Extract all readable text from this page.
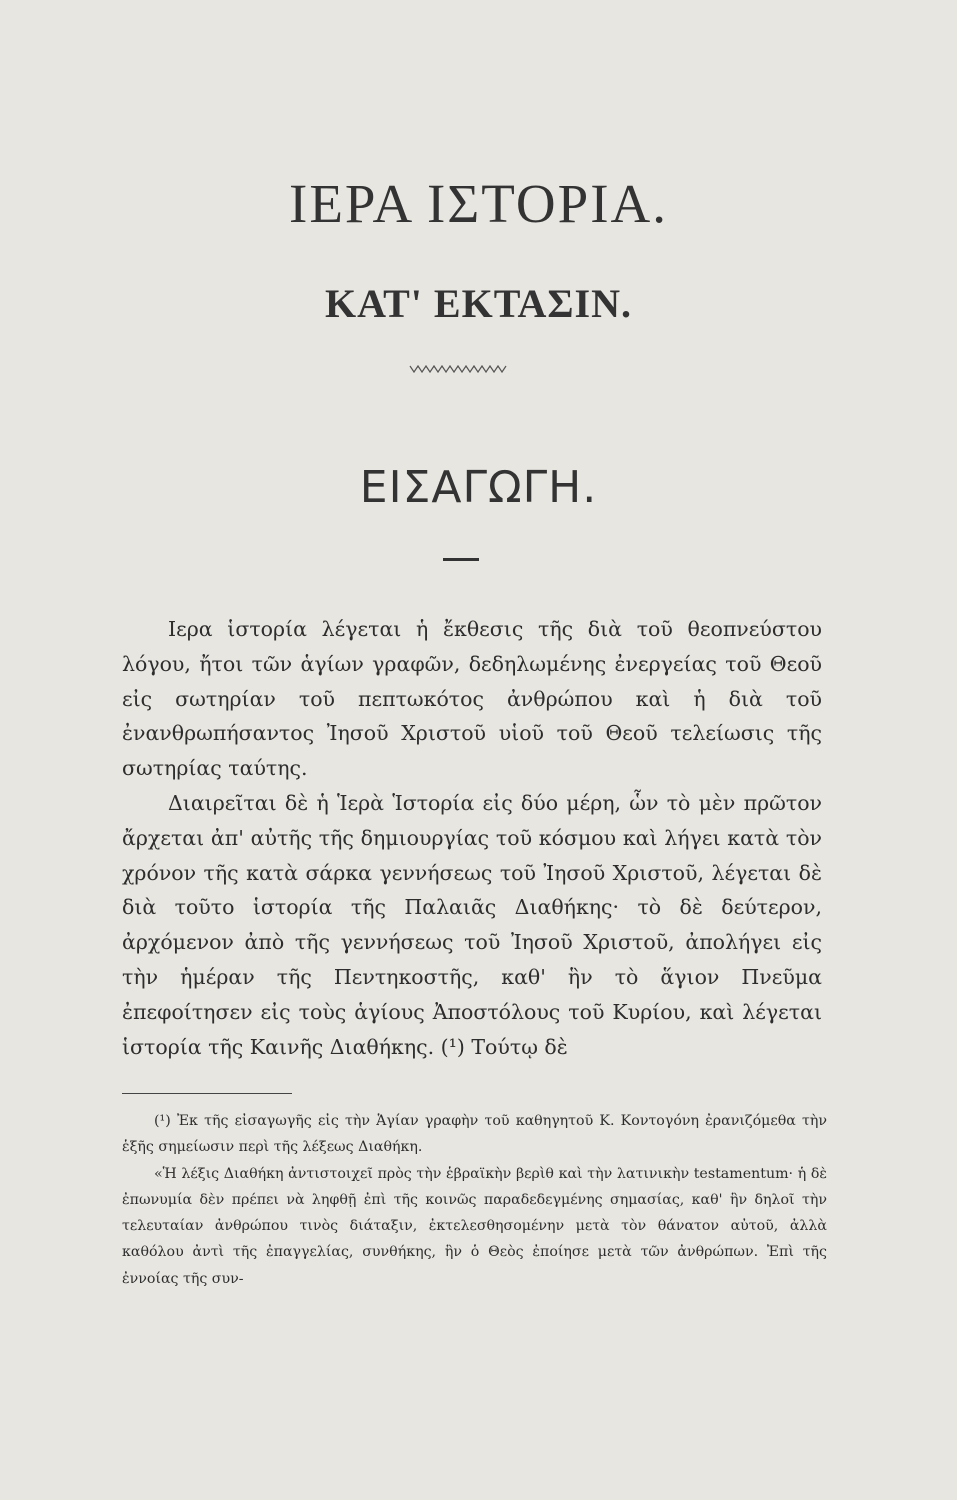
ΙΕΡΑ ΙΣΤΟΡΙΑ.
ΚΑΤ' ΕΚΤΑΣΙΝ.
ΕΙΣΑΓΩΓΗ.

Ιερα ἱστορία λέγεται ἡ ἔκθεσις τῆς διὰ τοῦ θεοπνεύστου λόγου, ἤτοι τῶν ἁγίων γραφῶν, δεδηλωμένης ἐνεργείας τοῦ Θεοῦ εἰς σωτηρίαν τοῦ πεπτωκότος ἀνθρώπου καὶ ἡ διὰ τοῦ ἐνανθρωπήσαντος Ἰησοῦ Χριστοῦ υἱοῦ τοῦ Θεοῦ τελείωσις τῆς σωτηρίας ταύτης.

Διαιρεῖται δὲ ἡ Ἱερὰ Ἱστορία εἰς δύο μέρη, ὧν τὸ μὲν πρῶτον ἄρχεται ἀπ' αὐτῆς τῆς δημιουργίας τοῦ κόσμου καὶ λήγει κατὰ τὸν χρόνον τῆς κατὰ σάρκα γεννήσεως τοῦ Ἰησοῦ Χριστοῦ, λέγεται δὲ διὰ τοῦτο ἱστορία τῆς Παλαιᾶς Διαθήκης· τὸ δὲ δεύτερον, ἀρχόμενον ἀπὸ τῆς γεννήσεως τοῦ Ἰησοῦ Χριστοῦ, ἀπολήγει εἰς τὴν ἡμέραν τῆς Πεντηκοστῆς, καθ' ἣν τὸ ἅγιον Πνεῦμα ἐπεφοίτησεν εἰς τοὺς ἁγίους Ἀποστόλους τοῦ Κυρίου, καὶ λέγεται ἱστορία τῆς Καινῆς Διαθήκης. (¹) Τούτῳ δὲ

(¹) Ἐκ τῆς εἰσαγωγῆς εἰς τὴν Ἁγίαν γραφὴν τοῦ καθηγητοῦ Κ. Κοντογόνη ἐρανιζόμεθα τὴν ἑξῆς σημείωσιν περὶ τῆς λέξεως Διαθήκη.

«Ἡ λέξις Διαθήκη ἀντιστοιχεῖ πρὸς τὴν ἑβραϊκὴν βερὶθ καὶ τὴν λατινικὴν testamentum· ἡ δὲ ἐπωνυμία δὲν πρέπει νὰ ληφθῇ ἐπὶ τῆς κοινῶς παραδεδεγμένης σημασίας, καθ' ἣν δηλοῖ τὴν τελευταίαν ἀνθρώπου τινὸς διάταξιν, ἐκτελεσθησομένην μετὰ τὸν θάνατον αὐτοῦ, ἀλλὰ καθόλου ἀντὶ τῆς ἐπαγγελίας, συνθήκης, ἣν ὁ Θεὸς ἐποίησε μετὰ τῶν ἀνθρώπων. Ἐπὶ τῆς ἐννοίας τῆς συν-
